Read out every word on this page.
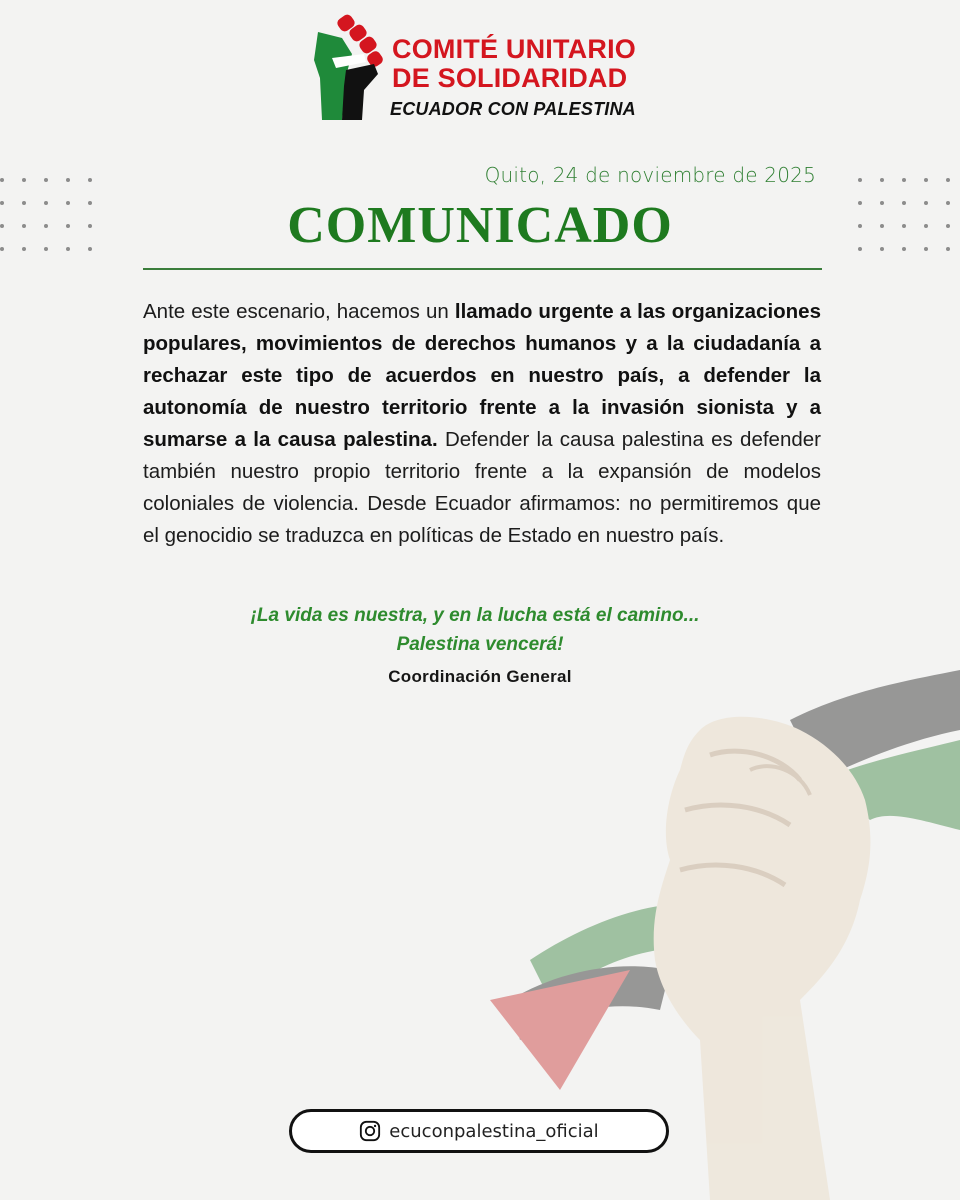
COMITÉ UNITARIO
DE SOLIDARIDAD
ECUADOR CON PALESTINA
Quito, 24 de noviembre de 2025
COMUNICADO
Ante este escenario, hacemos un llamado urgente a las organizaciones populares, movimientos de derechos humanos y a la ciudadanía a rechazar este tipo de acuerdos en nuestro país, a defender la autonomía de nuestro territorio frente a la invasión sionista y a sumarse a la causa palestina. Defender la causa palestina es defender también nuestro propio territorio frente a la expansión de modelos coloniales de violencia. Desde Ecuador afirmamos: no permitiremos que el genocidio se traduzca en políticas de Estado en nuestro país.
¡La vida es nuestra, y en la lucha está el camino...
Palestina vencerá!
Coordinación General
ecuconpalestina_oficial
